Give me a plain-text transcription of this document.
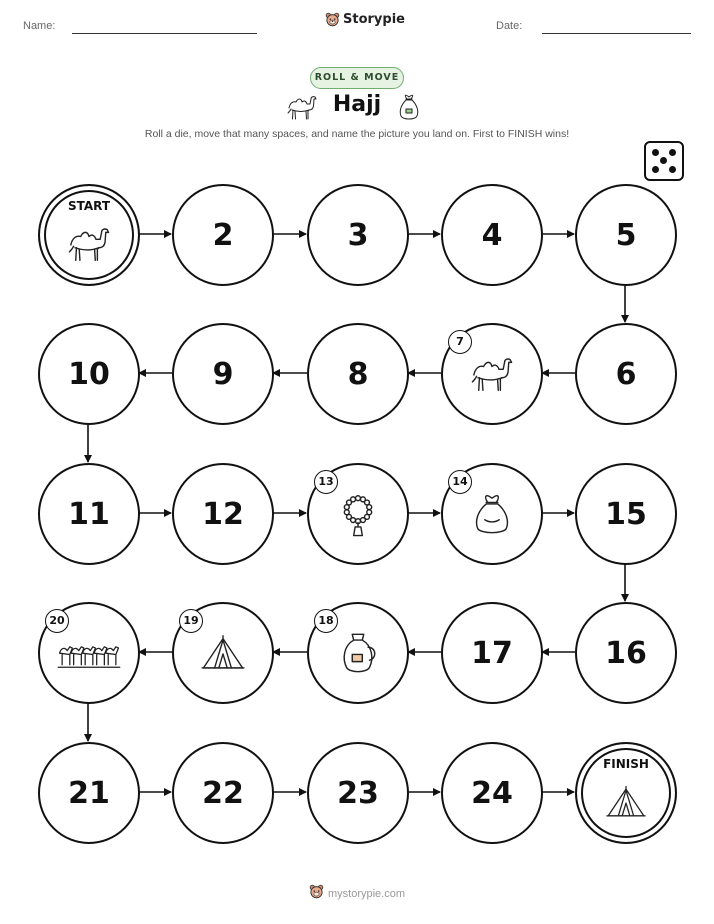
Name:	Storypie	Date:
ROLL & MOVE
Hajj
Roll a die, move that many spaces, and name the picture you land on. First to FINISH wins!
START
2	3	4	5
6
7
8
9
10
11	12
13	14
15
16
17
18
19
20
21	22	23	24
FINISH
mystorypie.com
